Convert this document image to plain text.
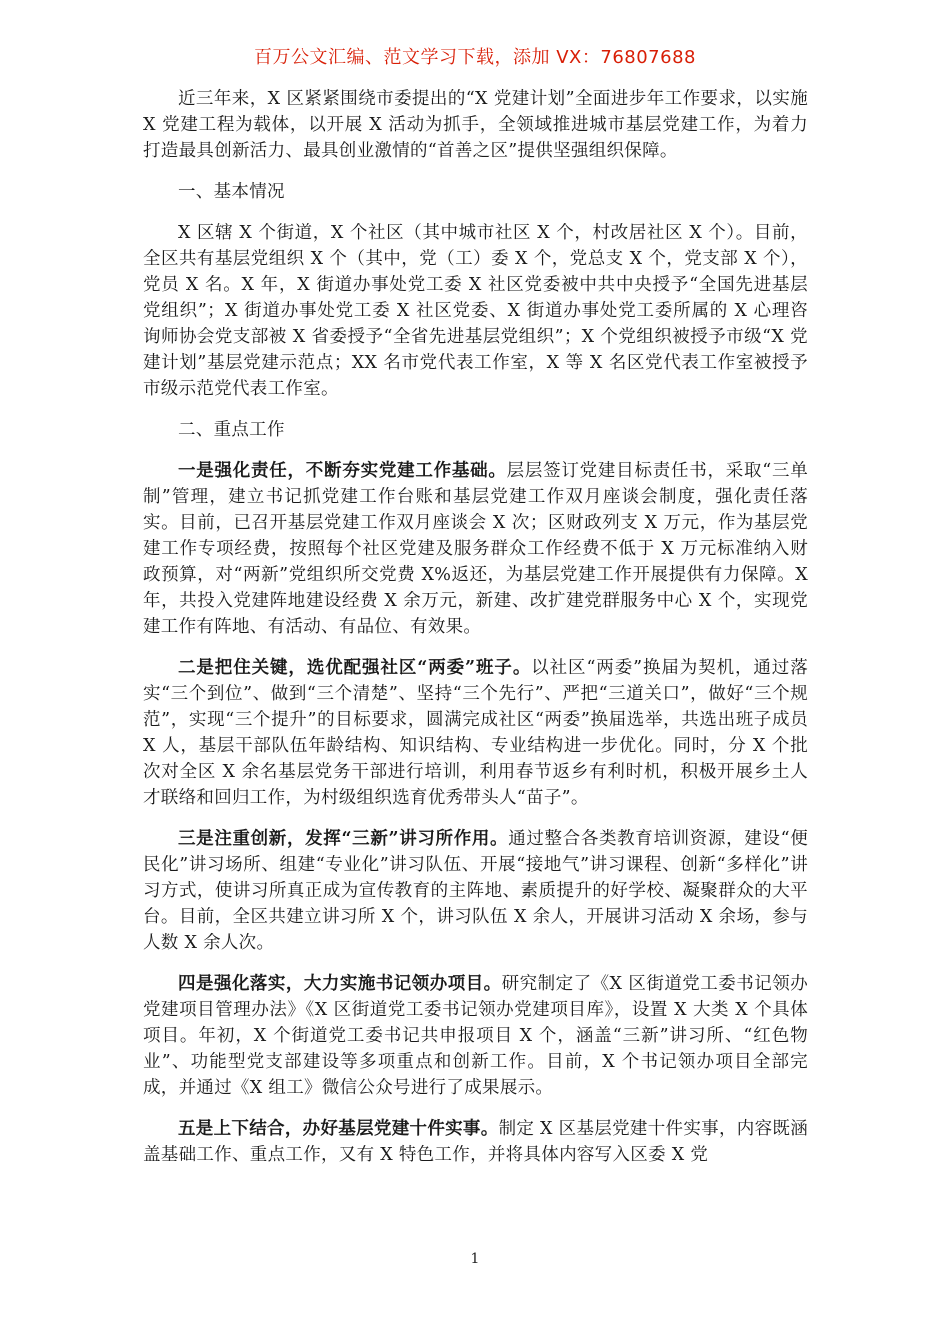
百万公文汇编、范文学习下载，添加 VX：76807688

近三年来，X 区紧紧围绕市委提出的“X 党建计划”全面进步年工作要求，以实施 X 党建工程为载体，以开展 X 活动为抓手，全领域推进城市基层党建工作，为着力打造最具创新活力、最具创业激情的“首善之区”提供坚强组织保障。

一、基本情况

X 区辖 X 个街道，X 个社区（其中城市社区 X 个，村改居社区 X 个）。目前，全区共有基层党组织 X 个（其中，党（工）委 X 个，党总支 X 个，党支部 X 个），党员 X 名。X 年，X 街道办事处党工委 X 社区党委被中共中央授予“全国先进基层党组织”；X 街道办事处党工委 X 社区党委、X 街道办事处党工委所属的 X 心理咨询师协会党支部被 X 省委授予“全省先进基层党组织”；X 个党组织被授予市级“X 党建计划”基层党建示范点；XX 名市党代表工作室，X 等 X 名区党代表工作室被授予市级示范党代表工作室。

二、重点工作

一是强化责任，不断夯实党建工作基础。层层签订党建目标责任书，采取“三单制”管理，建立书记抓党建工作台账和基层党建工作双月座谈会制度，强化责任落实。目前，已召开基层党建工作双月座谈会 X 次；区财政列支 X 万元，作为基层党建工作专项经费，按照每个社区党建及服务群众工作经费不低于 X 万元标准纳入财政预算，对“两新”党组织所交党费 X%返还，为基层党建工作开展提供有力保障。X 年，共投入党建阵地建设经费 X 余万元，新建、改扩建党群服务中心 X 个，实现党建工作有阵地、有活动、有品位、有效果。

二是把住关键，选优配强社区“两委”班子。以社区“两委”换届为契机，通过落实“三个到位”、做到“三个清楚”、坚持“三个先行”、严把“三道关口”，做好“三个规范”，实现“三个提升”的目标要求，圆满完成社区“两委”换届选举，共选出班子成员 X 人，基层干部队伍年龄结构、知识结构、专业结构进一步优化。同时，分 X 个批次对全区 X 余名基层党务干部进行培训，利用春节返乡有利时机，积极开展乡土人才联络和回归工作，为村级组织选育优秀带头人“苗子”。

三是注重创新，发挥“三新”讲习所作用。通过整合各类教育培训资源，建设“便民化”讲习场所、组建“专业化”讲习队伍、开展“接地气”讲习课程、创新“多样化”讲习方式，使讲习所真正成为宣传教育的主阵地、素质提升的好学校、凝聚群众的大平台。目前，全区共建立讲习所 X 个，讲习队伍 X 余人，开展讲习活动 X 余场，参与人数 X 余人次。

四是强化落实，大力实施书记领办项目。研究制定了《X 区街道党工委书记领办党建项目管理办法》《X 区街道党工委书记领办党建项目库》，设置 X 大类 X 个具体项目。年初，X 个街道党工委书记共申报项目 X 个，涵盖“三新”讲习所、“红色物业”、功能型党支部建设等多项重点和创新工作。目前，X 个书记领办项目全部完成，并通过《X 组工》微信公众号进行了成果展示。

五是上下结合，办好基层党建十件实事。制定 X 区基层党建十件实事，内容既涵盖基础工作、重点工作，又有 X 特色工作，并将具体内容写入区委 X 党

1
